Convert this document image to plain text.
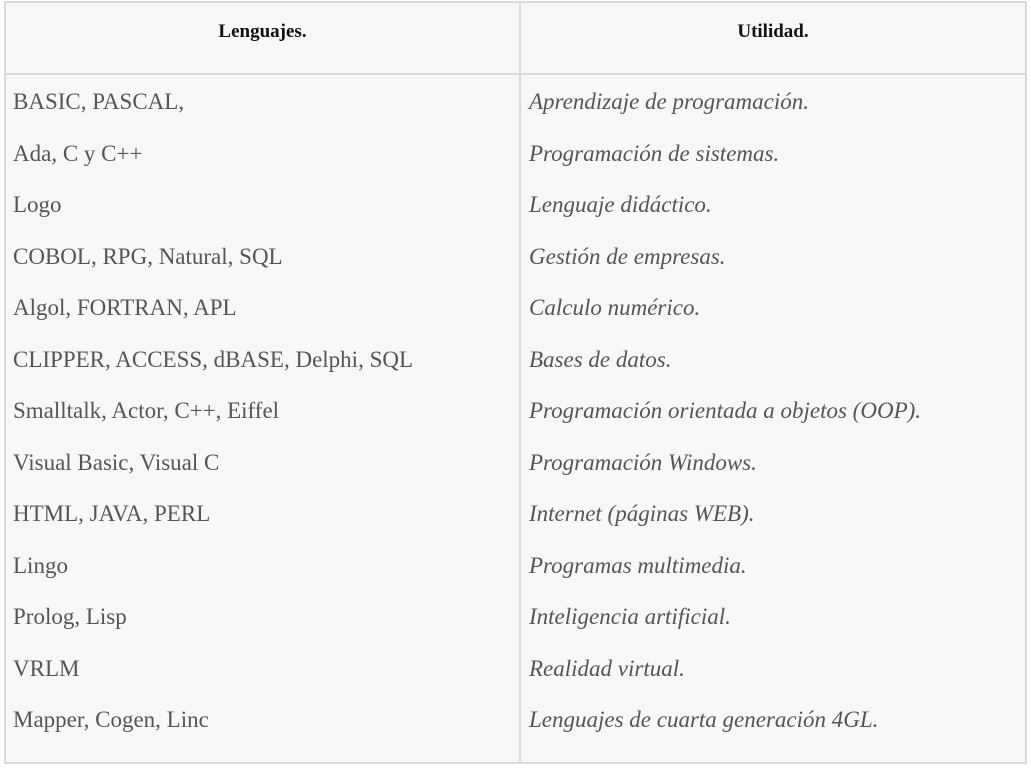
Lenguajes.	Utilidad.
BASIC, PASCAL,
Ada, C y C++
Logo
COBOL, RPG, Natural, SQL
Algol, FORTRAN, APL
CLIPPER, ACCESS, dBASE, Delphi, SQL
Smalltalk, Actor, C++, Eiffel
Visual Basic, Visual C
HTML, JAVA, PERL
Lingo
Prolog, Lisp
VRLM
Mapper, Cogen, Linc
Aprendizaje de programación.
Programación de sistemas.
Lenguaje didáctico.
Gestión de empresas.
Calculo numérico.
Bases de datos.
Programación orientada a objetos (OOP).
Programación Windows.
Internet (páginas WEB).
Programas multimedia.
Inteligencia artificial.
Realidad virtual.
Lenguajes de cuarta generación 4GL.
